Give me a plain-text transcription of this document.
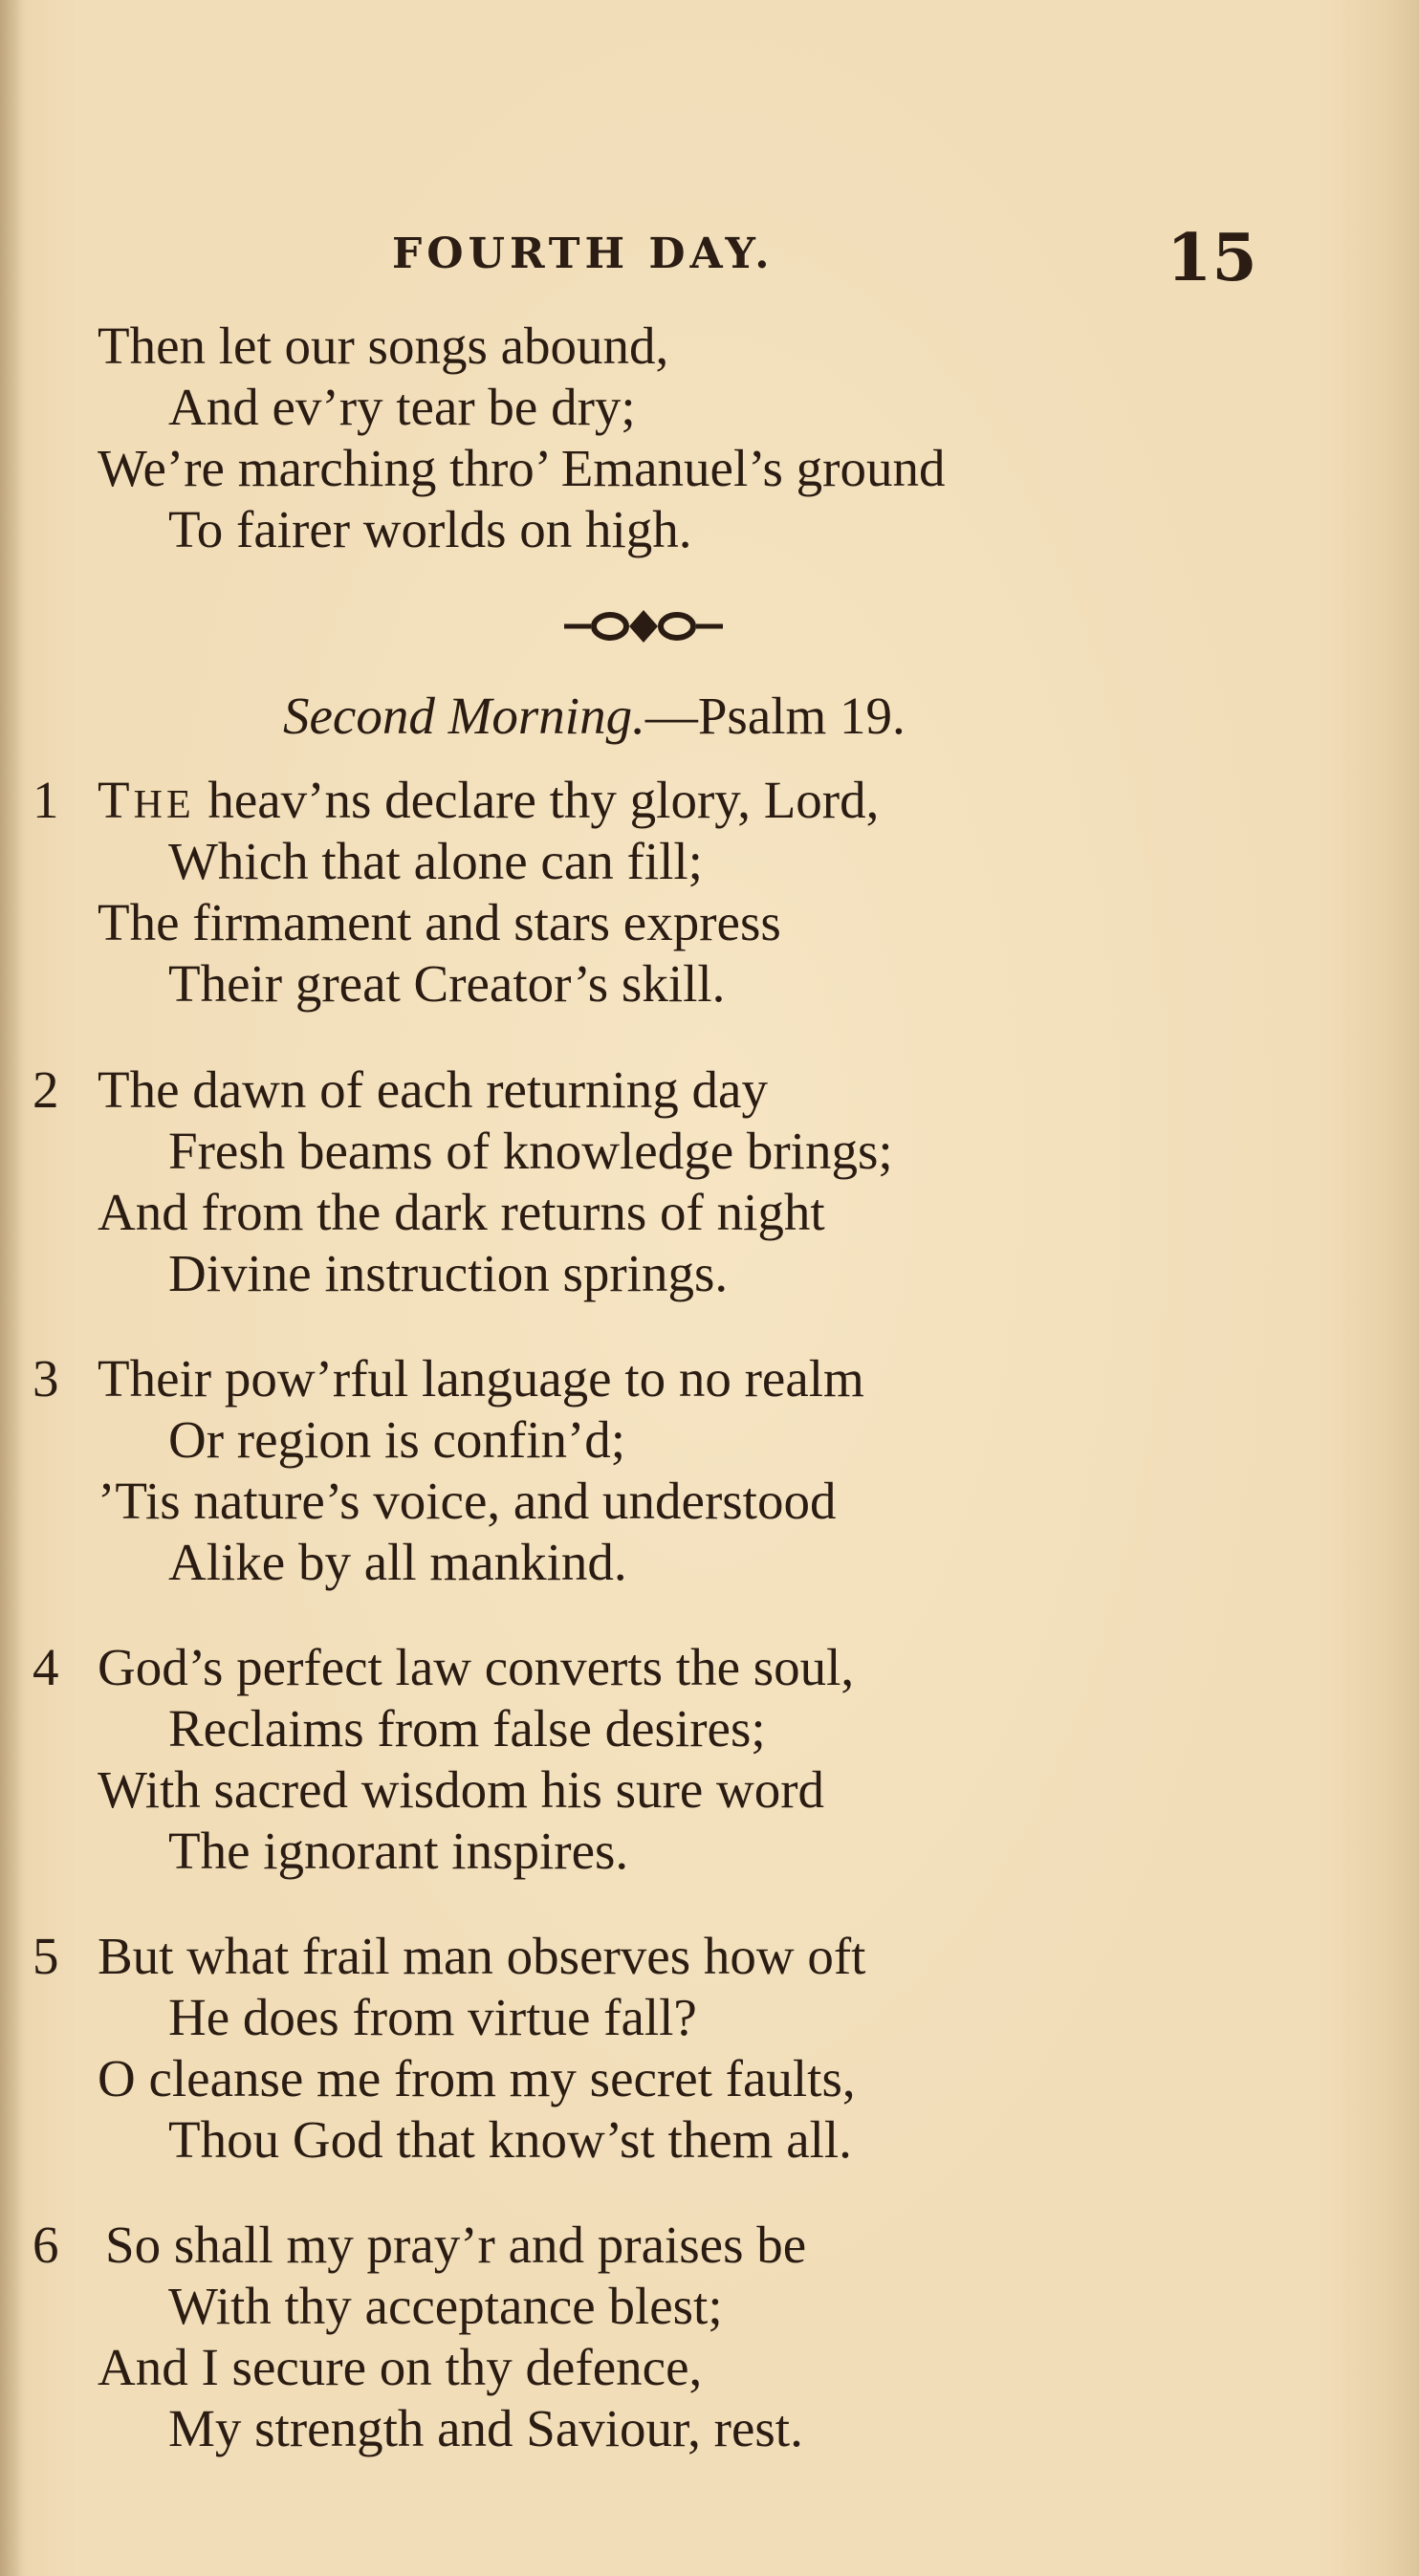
FOURTH DAY.	15
Then let our songs abound,
And ev’ry tear be dry;
We’re marching thro’ Emanuel’s ground
To fairer worlds on high.
Second Morning.—Psalm 19.
1 THE heav’ns declare thy glory, Lord,
Which that alone can fill;
The firmament and stars express
Their great Creator’s skill.
2 The dawn of each returning day
Fresh beams of knowledge brings;
And from the dark returns of night
Divine instruction springs.
3 Their pow’rful language to no realm
Or region is confin’d;
’Tis nature’s voice, and understood
Alike by all mankind.
4 God’s perfect law converts the soul,
Reclaims from false desires;
With sacred wisdom his sure word
The ignorant inspires.
5 But what frail man observes how oft
He does from virtue fall?
O cleanse me from my secret faults,
Thou God that know’st them all.
6 So shall my pray’r and praises be
With thy acceptance blest;
And I secure on thy defence,
My strength and Saviour, rest.
